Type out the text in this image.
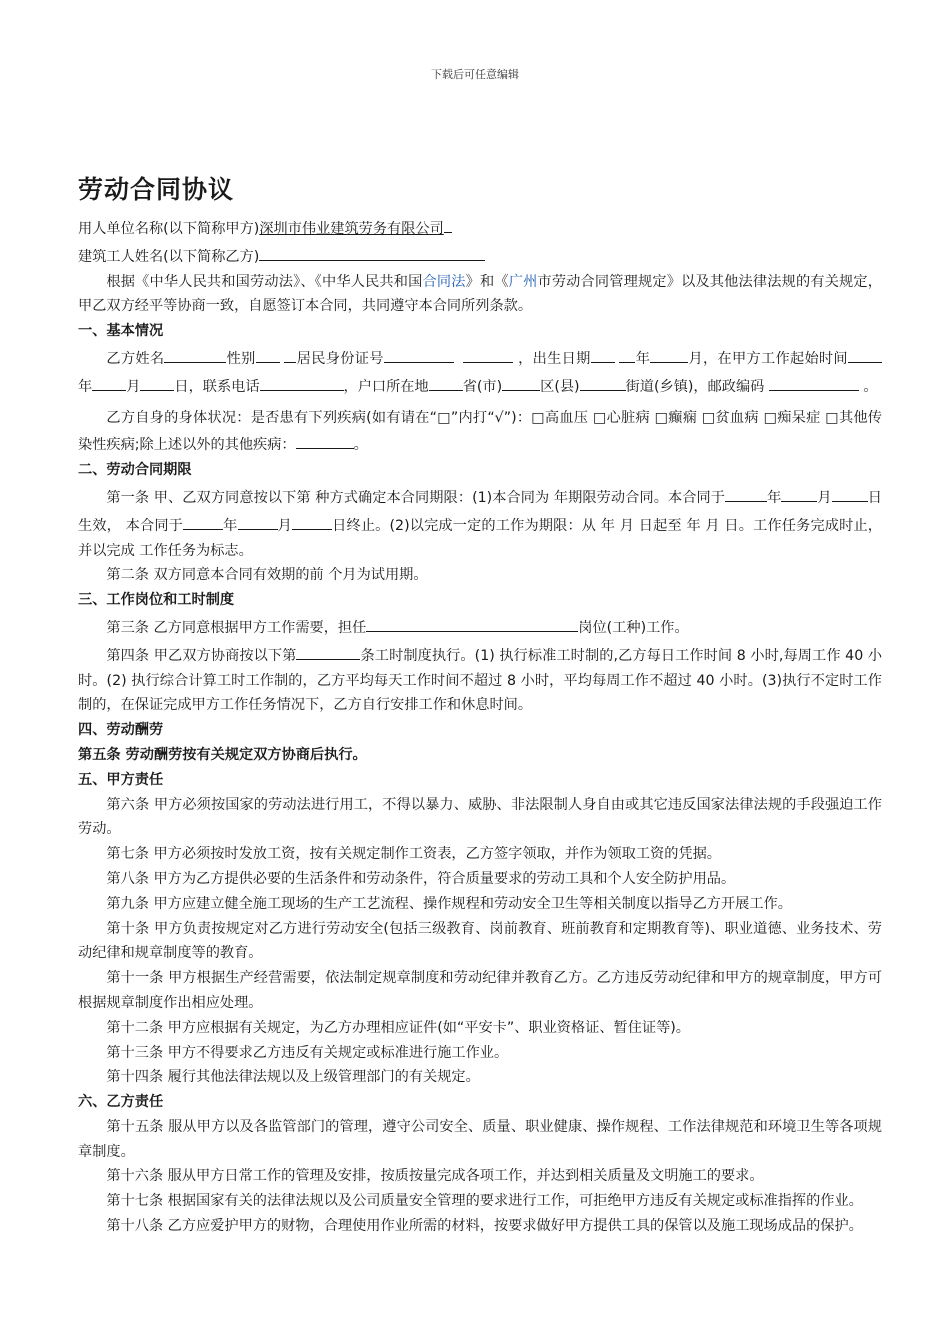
下载后可任意编辑
劳动合同协议

用人单位名称(以下简称甲方)深圳市伟业建筑劳务有限公司

建筑工人姓名(以下简称乙方)

根据《中华人民共和国劳动法》、《中华人民共和国合同法》和《广州市劳动合同管理规定》以及其他法律法规的有关规定，甲乙双方经平等协商一致，自愿签订本合同，共同遵守本合同所列条款。

一、基本情况

乙方姓名	性别	居民身份证号	，出生日期	年	月，在甲方工作起始时间年 月 日，联系电话	，户口所在地 省(市)	区(县)	街道(乡镇)，邮政编码	。

乙方自身的身体状况：是否患有下列疾病(如有请在“□”内打“√”)：□高血压 □心脏病 □癫痫 □贫血病 □痴呆症 □其他传染性疾病;除上述以外的其他疾病：	。

二、劳动合同期限

第一条 甲、乙双方同意按以下第 种方式确定本合同期限：(1)本合同为 年期限劳动合同。本合同于	年	月	日生效， 本合同于	年	月	日终止。(2)以完成一定的工作为期限：从 年 月 日起至 年 月 日。工作任务完成时止，并以完成 工作任务为标志。

第二条 双方同意本合同有效期的前 个月为试用期。

三、工作岗位和工时制度

第三条 乙方同意根据甲方工作需要，担任	岗位(工种)工作。

第四条 甲乙双方协商按以下第	条工时制度执行。(1) 执行标准工时制的,乙方每日工作时间 8 小时,每周工作 40 小时。(2) 执行综合计算工时工作制的，乙方平均每天工作时间不超过 8 小时，平均每周工作不超过 40 小时。(3)执行不定时工作制的，在保证完成甲方工作任务情况下，乙方自行安排工作和休息时间。

四、劳动酬劳

第五条 劳动酬劳按有关规定双方协商后执行。

五、甲方责任

第六条 甲方必须按国家的劳动法进行用工，不得以暴力、威胁、非法限制人身自由或其它违反国家法律法规的手段强迫工作劳动。

第七条 甲方必须按时发放工资，按有关规定制作工资表，乙方签字领取，并作为领取工资的凭据。

第八条 甲方为乙方提供必要的生活条件和劳动条件，符合质量要求的劳动工具和个人安全防护用品。

第九条 甲方应建立健全施工现场的生产工艺流程、操作规程和劳动安全卫生等相关制度以指导乙方开展工作。

第十条 甲方负责按规定对乙方进行劳动安全(包括三级教育、岗前教育、班前教育和定期教育等)、职业道德、业务技术、劳动纪律和规章制度等的教育。

第十一条 甲方根据生产经营需要，依法制定规章制度和劳动纪律并教育乙方。乙方违反劳动纪律和甲方的规章制度，甲方可根据规章制度作出相应处理。

第十二条 甲方应根据有关规定，为乙方办理相应证件(如“平安卡”、职业资格证、暂住证等)。

第十三条 甲方不得要求乙方违反有关规定或标准进行施工作业。

第十四条 履行其他法律法规以及上级管理部门的有关规定。

六、乙方责任

第十五条 服从甲方以及各监管部门的管理，遵守公司安全、质量、职业健康、操作规程、工作法律规范和环境卫生等各项规章制度。

第十六条 服从甲方日常工作的管理及安排，按质按量完成各项工作，并达到相关质量及文明施工的要求。

第十七条 根据国家有关的法律法规以及公司质量安全管理的要求进行工作，可拒绝甲方违反有关规定或标准指挥的作业。

第十八条 乙方应爱护甲方的财物，合理使用作业所需的材料，按要求做好甲方提供工具的保管以及施工现场成品的保护。
